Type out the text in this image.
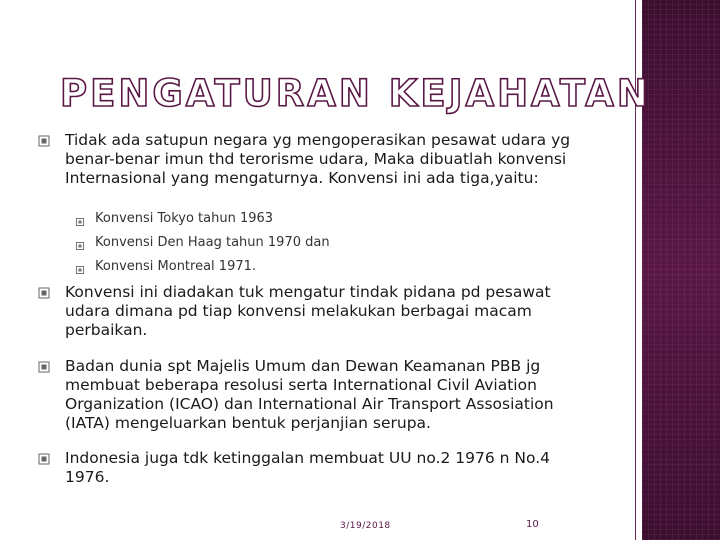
PENGATURAN KEJAHATAN
Tidak ada satupun negara yg mengoperasikan pesawat udara yg benar-benar imun thd terorisme udara, Maka dibuatlah konvensi Internasional yang mengaturnya. Konvensi ini ada tiga,yaitu:
Konvensi Tokyo tahun 1963
Konvensi Den Haag tahun 1970 dan
Konvensi Montreal 1971.
Konvensi ini diadakan tuk mengatur tindak pidana pd pesawat udara dimana pd tiap konvensi melakukan berbagai macam perbaikan.
Badan dunia spt Majelis Umum dan Dewan Keamanan PBB jg membuat beberapa resolusi serta International Civil Aviation Organization (ICAO) dan International Air Transport Assosiation (IATA) mengeluarkan bentuk perjanjian serupa.
Indonesia juga tdk ketinggalan membuat UU no.2 1976 n No.4 1976.
3/19/2018	10
